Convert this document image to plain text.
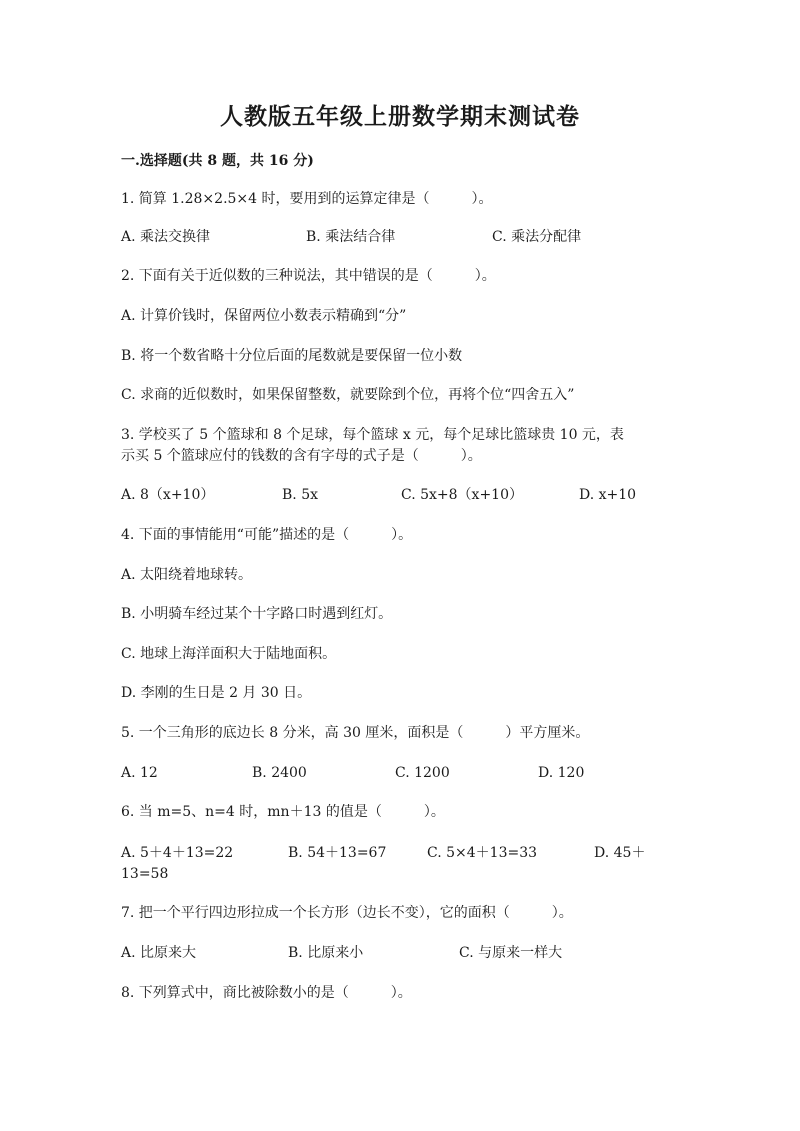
人教版五年级上册数学期末测试卷

一.选择题(共 8 题，共 16 分)

1. 简算 1.28×2.5×4 时，要用到的运算定律是（　　　）。

A. 乘法交换律	B. 乘法结合律	C. 乘法分配律

2. 下面有关于近似数的三种说法，其中错误的是（　　　）。

A. 计算价钱时，保留两位小数表示精确到“分”

B. 将一个数省略十分位后面的尾数就是要保留一位小数

C. 求商的近似数时，如果保留整数，就要除到个位，再将个位“四舍五入”

3. 学校买了 5 个篮球和 8 个足球，每个篮球 x 元，每个足球比篮球贵 10 元，表

示买 5 个篮球应付的钱数的含有字母的式子是（　　　）。

A. 8（x+10）	B. 5x	C. 5x+8（x+10）	D. x+10

4. 下面的事情能用“可能”描述的是（　　　）。

A. 太阳绕着地球转。

B. 小明骑车经过某个十字路口时遇到红灯。

C. 地球上海洋面积大于陆地面积。

D. 李刚的生日是 2 月 30 日。

5. 一个三角形的底边长 8 分米，高 30 厘米，面积是（　　　）平方厘米。

A. 12	B. 2400	C. 1200	D. 120

6. 当 m=5、n=4 时，mn＋13 的值是（　　　）。

A. 5＋4＋13=22	B. 54＋13=67	C. 5×4＋13=33	D. 45＋
13=58

7. 把一个平行四边形拉成一个长方形（边长不变），它的面积（　　　）。

A. 比原来大	B. 比原来小	C. 与原来一样大

8. 下列算式中，商比被除数小的是（　　　）。
